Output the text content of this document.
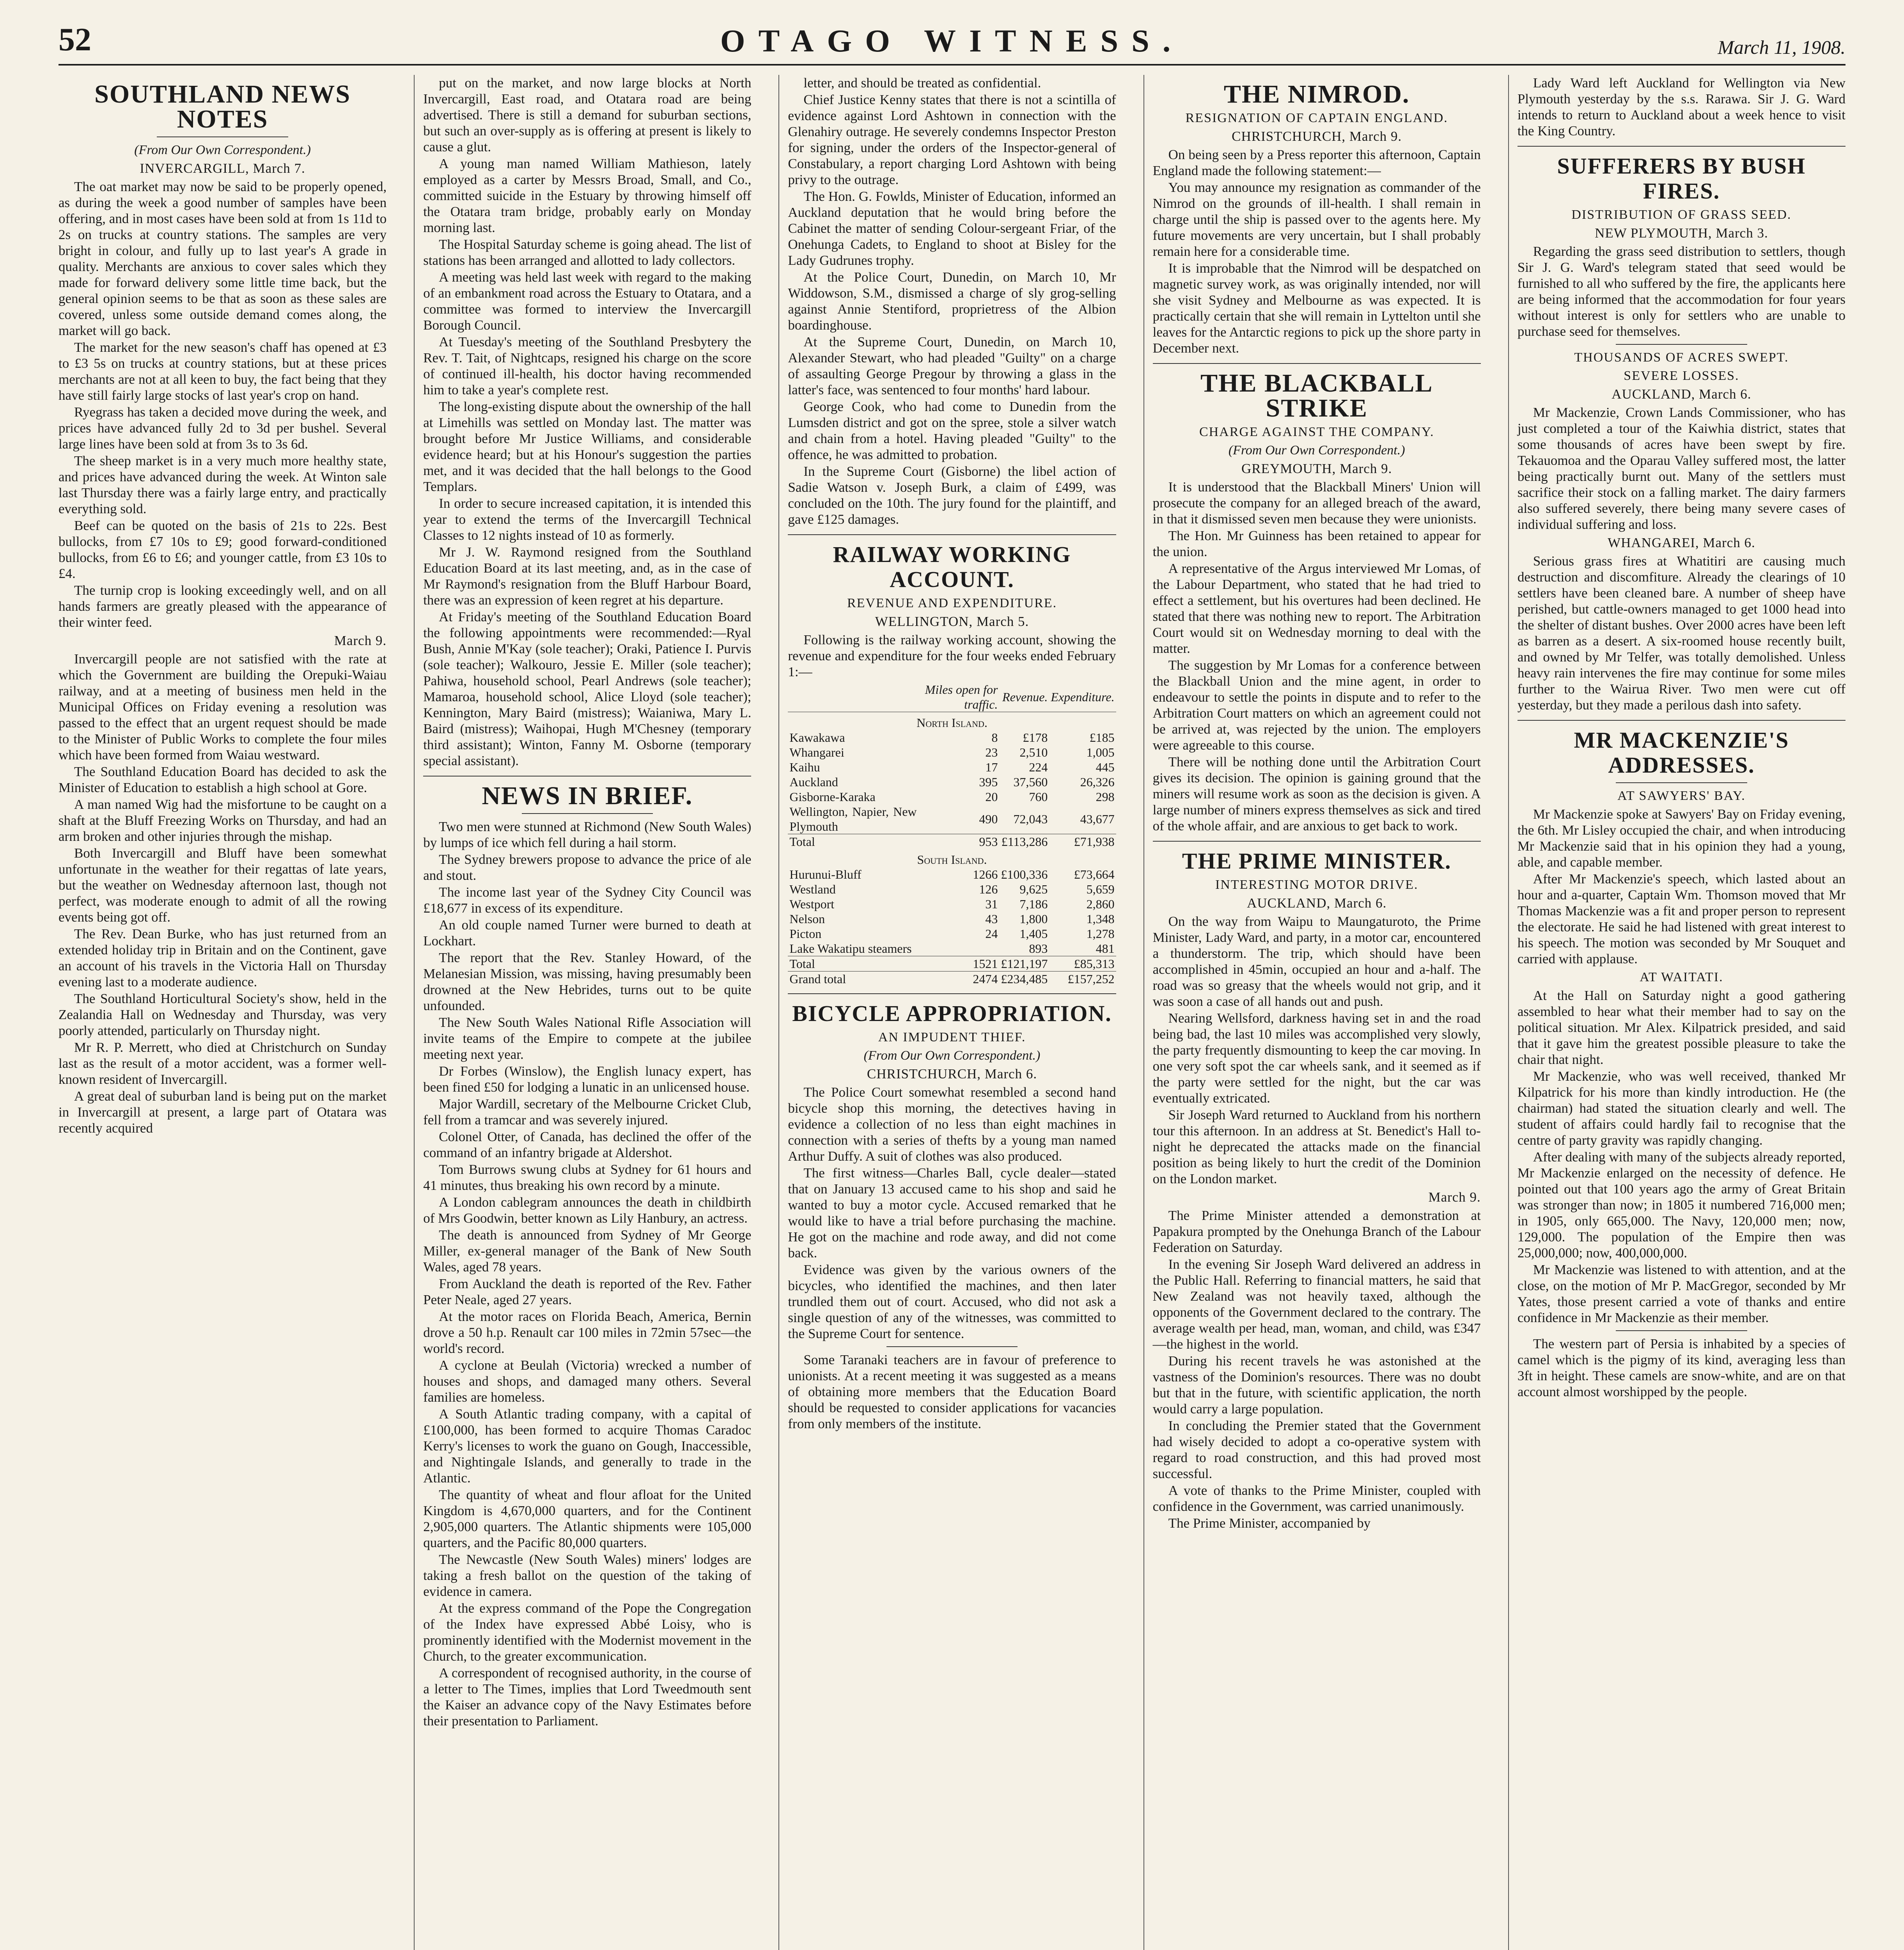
52	OTAGO WITNESS.	March 11, 1908.
SOUTHLAND NEWS NOTES
(From Our Own Correspondent.)
INVERCARGILL, March 7.

The oat market may now be said to be properly opened, as during the week a good number of samples have been offering, and in most cases have been sold at from 1s 11d to 2s on trucks at country stations. The samples are very bright in colour, and fully up to last year's A grade in quality. Merchants are anxious to cover sales which they made for forward delivery some little time back, but the general opinion seems to be that as soon as these sales are covered, unless some outside demand comes along, the market will go back.

The market for the new season's chaff has opened at £3 to £3 5s on trucks at country stations, but at these prices merchants are not at all keen to buy, the fact being that they have still fairly large stocks of last year's crop on hand.

Ryegrass has taken a decided move during the week, and prices have advanced fully 2d to 3d per bushel. Several large lines have been sold at from 3s to 3s 6d.

The sheep market is in a very much more healthy state, and prices have advanced during the week. At Winton sale last Thursday there was a fairly large entry, and practically everything sold.

Beef can be quoted on the basis of 21s to 22s. Best bullocks, from £7 10s to £9; good forward-conditioned bullocks, from £6 to £6; and younger cattle, from £3 10s to £4.

The turnip crop is looking exceedingly well, and on all hands farmers are greatly pleased with the appearance of their winter feed.

March 9.

Invercargill people are not satisfied with the rate at which the Government are building the Orepuki-Waiau railway, and at a meeting of business men held in the Municipal Offices on Friday evening a resolution was passed to the effect that an urgent request should be made to the Minister of Public Works to complete the four miles which have been formed from Waiau westward.

The Southland Education Board has decided to ask the Minister of Education to establish a high school at Gore.

A man named Wig had the misfortune to be caught on a shaft at the Bluff Freezing Works on Thursday, and had an arm broken and other injuries through the mishap.

Both Invercargill and Bluff have been somewhat unfortunate in the weather for their regattas of late years, but the weather on Wednesday afternoon last, though not perfect, was moderate enough to admit of all the rowing events being got off.

The Rev. Dean Burke, who has just returned from an extended holiday trip in Britain and on the Continent, gave an account of his travels in the Victoria Hall on Thursday evening last to a moderate audience.

The Southland Horticultural Society's show, held in the Zealandia Hall on Wednesday and Thursday, was very poorly attended, particularly on Thursday night.

Mr R. P. Merrett, who died at Christchurch on Sunday last as the result of a motor accident, was a former well-known resident of Invercargill.

A great deal of suburban land is being put on the market in Invercargill at present, a large part of Otatara was recently acquired

put on the market, and now large blocks at North Invercargill, East road, and Otatara road are being advertised. There is still a demand for suburban sections, but such an over-supply as is offering at present is likely to cause a glut.

A young man named William Mathieson, lately employed as a carter by Messrs Broad, Small, and Co., committed suicide in the Estuary by throwing himself off the Otatara tram bridge, probably early on Monday morning last.

The Hospital Saturday scheme is going ahead. The list of stations has been arranged and allotted to lady collectors.

A meeting was held last week with regard to the making of an embankment road across the Estuary to Otatara, and a committee was formed to interview the Invercargill Borough Council.

At Tuesday's meeting of the Southland Presbytery the Rev. T. Tait, of Nightcaps, resigned his charge on the score of continued ill-health, his doctor having recommended him to take a year's complete rest.

The long-existing dispute about the ownership of the hall at Limehills was settled on Monday last. The matter was brought before Mr Justice Williams, and considerable evidence heard; but at his Honour's suggestion the parties met, and it was decided that the hall belongs to the Good Templars.

In order to secure increased capitation, it is intended this year to extend the terms of the Invercargill Technical Classes to 12 nights instead of 10 as formerly.

Mr J. W. Raymond resigned from the Southland Education Board at its last meeting, and, as in the case of Mr Raymond's resignation from the Bluff Harbour Board, there was an expression of keen regret at his departure.

At Friday's meeting of the Southland Education Board the following appointments were recommended:—Ryal Bush, Annie M'Kay (sole teacher); Oraki, Patience I. Purvis (sole teacher); Walkouro, Jessie E. Miller (sole teacher); Pahiwa, household school, Pearl Andrews (sole teacher); Mamaroa, household school, Alice Lloyd (sole teacher); Kennington, Mary Baird (mistress); Waianiwa, Mary L. Baird (mistress); Waihopai, Hugh M'Chesney (temporary third assistant); Winton, Fanny M. Osborne (temporary special assistant).

NEWS IN BRIEF.

Two men were stunned at Richmond (New South Wales) by lumps of ice which fell during a hail storm.

The Sydney brewers propose to advance the price of ale and stout.

The income last year of the Sydney City Council was £18,677 in excess of its expenditure.

An old couple named Turner were burned to death at Lockhart.

The report that the Rev. Stanley Howard, of the Melanesian Mission, was missing, having presumably been drowned at the New Hebrides, turns out to be quite unfounded.

The New South Wales National Rifle Association will invite teams of the Empire to compete at the jubilee meeting next year.

Dr Forbes (Winslow), the English lunacy expert, has been fined £50 for lodging a lunatic in an unlicensed house.

Major Wardill, secretary of the Melbourne Cricket Club, fell from a tramcar and was severely injured.

Colonel Otter, of Canada, has declined the offer of the command of an infantry brigade at Aldershot.

Tom Burrows swung clubs at Sydney for 61 hours and 41 minutes, thus breaking his own record by a minute.

A London cablegram announces the death in childbirth of Mrs Goodwin, better known as Lily Hanbury, an actress.

The death is announced from Sydney of Mr George Miller, ex-general manager of the Bank of New South Wales, aged 78 years.

From Auckland the death is reported of the Rev. Father Peter Neale, aged 27 years.

At the motor races on Florida Beach, America, Bernin drove a 50 h.p. Renault car 100 miles in 72min 57sec—the world's record.

A cyclone at Beulah (Victoria) wrecked a number of houses and shops, and damaged many others. Several families are homeless.

A South Atlantic trading company, with a capital of £100,000, has been formed to acquire Thomas Caradoc Kerry's licenses to work the guano on Gough, Inaccessible, and Nightingale Islands, and generally to trade in the Atlantic.

The quantity of wheat and flour afloat for the United Kingdom is 4,670,000 quarters, and for the Continent 2,905,000 quarters. The Atlantic shipments were 105,000 quarters, and the Pacific 80,000 quarters.

The Newcastle (New South Wales) miners' lodges are taking a fresh ballot on the question of the taking of evidence in camera.

At the express command of the Pope the Congregation of the Index have expressed Abbé Loisy, who is prominently identified with the Modernist movement in the Church, to the greater excommunication.

A correspondent of recognised authority, in the course of a letter to The Times, implies that Lord Tweedmouth sent the Kaiser an advance copy of the Navy Estimates before their presentation to Parliament.

letter, and should be treated as confidential.

Chief Justice Kenny states that there is not a scintilla of evidence against Lord Ashtown in connection with the Glenahiry outrage. He severely condemns Inspector Preston for signing, under the orders of the Inspector-general of Constabulary, a report charging Lord Ashtown with being privy to the outrage.

The Hon. G. Fowlds, Minister of Education, informed an Auckland deputation that he would bring before the Cabinet the matter of sending Colour-sergeant Friar, of the Onehunga Cadets, to England to shoot at Bisley for the Lady Gudrunes trophy.

At the Police Court, Dunedin, on March 10, Mr Widdowson, S.M., dismissed a charge of sly grog-selling against Annie Stentiford, proprietress of the Albion boardinghouse.

At the Supreme Court, Dunedin, on March 10, Alexander Stewart, who had pleaded "Guilty" on a charge of assaulting George Pregour by throwing a glass in the latter's face, was sentenced to four months' hard labour.

George Cook, who had come to Dunedin from the Lumsden district and got on the spree, stole a silver watch and chain from a hotel. Having pleaded "Guilty" to the offence, he was admitted to probation.

In the Supreme Court (Gisborne) the libel action of Sadie Watson v. Joseph Burk, a claim of £499, was concluded on the 10th. The jury found for the plaintiff, and gave £125 damages.

RAILWAY WORKING ACCOUNT.
REVENUE AND EXPENDITURE.
WELLINGTON, March 5.

Following is the railway working account, showing the revenue and expenditure for the four weeks ended February 1:—

	Miles open for traffic.	Revenue.	Expenditure.
North Island.			
Kawakawa	8	£178	£185
Whangarei	23	2,510	1,005
Kaihu	17	224	445
Auckland	395	37,560	26,326
Gisborne-Karaka	20	760	298
Wellington, Napier, New Plymouth	490	72,043	43,677
Total	953	£113,286	£71,938
South Island.			
Hurunui-Bluff	1266	£100,336	£73,664
Westland	126	9,625	5,659
Westport	31	7,186	2,860
Nelson	43	1,800	1,348
Picton	24	1,405	1,278
Lake Wakatipu steamers		893	481
Total	1521	£121,197	£85,313
Grand total	2474	£234,485	£157,252
BICYCLE APPROPRIATION.
AN IMPUDENT THIEF.
(From Our Own Correspondent.)
CHRISTCHURCH, March 6.

The Police Court somewhat resembled a second hand bicycle shop this morning, the detectives having in evidence a collection of no less than eight machines in connection with a series of thefts by a young man named Arthur Duffy. A suit of clothes was also produced.

The first witness—Charles Ball, cycle dealer—stated that on January 13 accused came to his shop and said he wanted to buy a motor cycle. Accused remarked that he would like to have a trial before purchasing the machine. He got on the machine and rode away, and did not come back.

Evidence was given by the various owners of the bicycles, who identified the machines, and then later trundled them out of court. Accused, who did not ask a single question of any of the witnesses, was committed to the Supreme Court for sentence.

Some Taranaki teachers are in favour of preference to unionists. At a recent meeting it was suggested as a means of obtaining more members that the Education Board should be requested to consider applications for vacancies from only members of the institute.

THE NIMROD.
RESIGNATION OF CAPTAIN ENGLAND.
CHRISTCHURCH, March 9.

On being seen by a Press reporter this afternoon, Captain England made the following statement:—

You may announce my resignation as commander of the Nimrod on the grounds of ill-health. I shall remain in charge until the ship is passed over to the agents here. My future movements are very uncertain, but I shall probably remain here for a considerable time.

It is improbable that the Nimrod will be despatched on magnetic survey work, as was originally intended, nor will she visit Sydney and Melbourne as was expected. It is practically certain that she will remain in Lyttelton until she leaves for the Antarctic regions to pick up the shore party in December next.

THE BLACKBALL STRIKE
CHARGE AGAINST THE COMPANY.
(From Our Own Correspondent.)
GREYMOUTH, March 9.

It is understood that the Blackball Miners' Union will prosecute the company for an alleged breach of the award, in that it dismissed seven men because they were unionists.

The Hon. Mr Guinness has been retained to appear for the union.

A representative of the Argus interviewed Mr Lomas, of the Labour Department, who stated that he had tried to effect a settlement, but his overtures had been declined. He stated that there was nothing new to report. The Arbitration Court would sit on Wednesday morning to deal with the matter.

The suggestion by Mr Lomas for a conference between the Blackball Union and the mine agent, in order to endeavour to settle the points in dispute and to refer to the Arbitration Court matters on which an agreement could not be arrived at, was rejected by the union. The employers were agreeable to this course.

There will be nothing done until the Arbitration Court gives its decision. The opinion is gaining ground that the miners will resume work as soon as the decision is given. A large number of miners express themselves as sick and tired of the whole affair, and are anxious to get back to work.

THE PRIME MINISTER.
INTERESTING MOTOR DRIVE.
AUCKLAND, March 6.

On the way from Waipu to Maungaturoto, the Prime Minister, Lady Ward, and party, in a motor car, encountered a thunderstorm. The trip, which should have been accomplished in 45min, occupied an hour and a-half. The road was so greasy that the wheels would not grip, and it was soon a case of all hands out and push.

Nearing Wellsford, darkness having set in and the road being bad, the last 10 miles was accomplished very slowly, the party frequently dismounting to keep the car moving. In one very soft spot the car wheels sank, and it seemed as if the party were settled for the night, but the car was eventually extricated.

Sir Joseph Ward returned to Auckland from his northern tour this afternoon. In an address at St. Benedict's Hall to-night he deprecated the attacks made on the financial position as being likely to hurt the credit of the Dominion on the London market.

March 9.

The Prime Minister attended a demonstration at Papakura prompted by the Onehunga Branch of the Labour Federation on Saturday.

In the evening Sir Joseph Ward delivered an address in the Public Hall. Referring to financial matters, he said that New Zealand was not heavily taxed, although the opponents of the Government declared to the contrary. The average wealth per head, man, woman, and child, was £347—the highest in the world.

During his recent travels he was astonished at the vastness of the Dominion's resources. There was no doubt but that in the future, with scientific application, the north would carry a large population.

In concluding the Premier stated that the Government had wisely decided to adopt a co-operative system with regard to road construction, and this had proved most successful.

A vote of thanks to the Prime Minister, coupled with confidence in the Government, was carried unanimously.

The Prime Minister, accompanied by

Lady Ward left Auckland for Wellington via New Plymouth yesterday by the s.s. Rarawa. Sir J. G. Ward intends to return to Auckland about a week hence to visit the King Country.

SUFFERERS BY BUSH FIRES.
DISTRIBUTION OF GRASS SEED.
NEW PLYMOUTH, March 3.

Regarding the grass seed distribution to settlers, though Sir J. G. Ward's telegram stated that seed would be furnished to all who suffered by the fire, the applicants here are being informed that the accommodation for four years without interest is only for settlers who are unable to purchase seed for themselves.

THOUSANDS OF ACRES SWEPT.
SEVERE LOSSES.
AUCKLAND, March 6.

Mr Mackenzie, Crown Lands Commissioner, who has just completed a tour of the Kaiwhia district, states that some thousands of acres have been swept by fire. Tekauomoa and the Oparau Valley suffered most, the latter being practically burnt out. Many of the settlers must sacrifice their stock on a falling market. The dairy farmers also suffered severely, there being many severe cases of individual suffering and loss.

WHANGAREI, March 6.

Serious grass fires at Whatitiri are causing much destruction and discomfiture. Already the clearings of 10 settlers have been cleaned bare. A number of sheep have perished, but cattle-owners managed to get 1000 head into the shelter of distant bushes. Over 2000 acres have been left as barren as a desert. A six-roomed house recently built, and owned by Mr Telfer, was totally demolished. Unless heavy rain intervenes the fire may continue for some miles further to the Wairua River. Two men were cut off yesterday, but they made a perilous dash into safety.

MR MACKENZIE'S ADDRESSES.
AT SAWYERS' BAY.

Mr Mackenzie spoke at Sawyers' Bay on Friday evening, the 6th. Mr Lisley occupied the chair, and when introducing Mr Mackenzie said that in his opinion they had a young, able, and capable member.

After Mr Mackenzie's speech, which lasted about an hour and a-quarter, Captain Wm. Thomson moved that Mr Thomas Mackenzie was a fit and proper person to represent the electorate. He said he had listened with great interest to his speech. The motion was seconded by Mr Souquet and carried with applause.

AT WAITATI.

At the Hall on Saturday night a good gathering assembled to hear what their member had to say on the political situation. Mr Alex. Kilpatrick presided, and said that it gave him the greatest possible pleasure to take the chair that night.

Mr Mackenzie, who was well received, thanked Mr Kilpatrick for his more than kindly introduction. He (the chairman) had stated the situation clearly and well. The student of affairs could hardly fail to recognise that the centre of party gravity was rapidly changing.

After dealing with many of the subjects already reported, Mr Mackenzie enlarged on the necessity of defence. He pointed out that 100 years ago the army of Great Britain was stronger than now; in 1805 it numbered 716,000 men; in 1905, only 665,000. The Navy, 120,000 men; now, 129,000. The population of the Empire then was 25,000,000; now, 400,000,000.

Mr Mackenzie was listened to with attention, and at the close, on the motion of Mr P. MacGregor, seconded by Mr Yates, those present carried a vote of thanks and entire confidence in Mr Mackenzie as their member.

The western part of Persia is inhabited by a species of camel which is the pigmy of its kind, averaging less than 3ft in height. These camels are snow-white, and are on that account almost worshipped by the people.
